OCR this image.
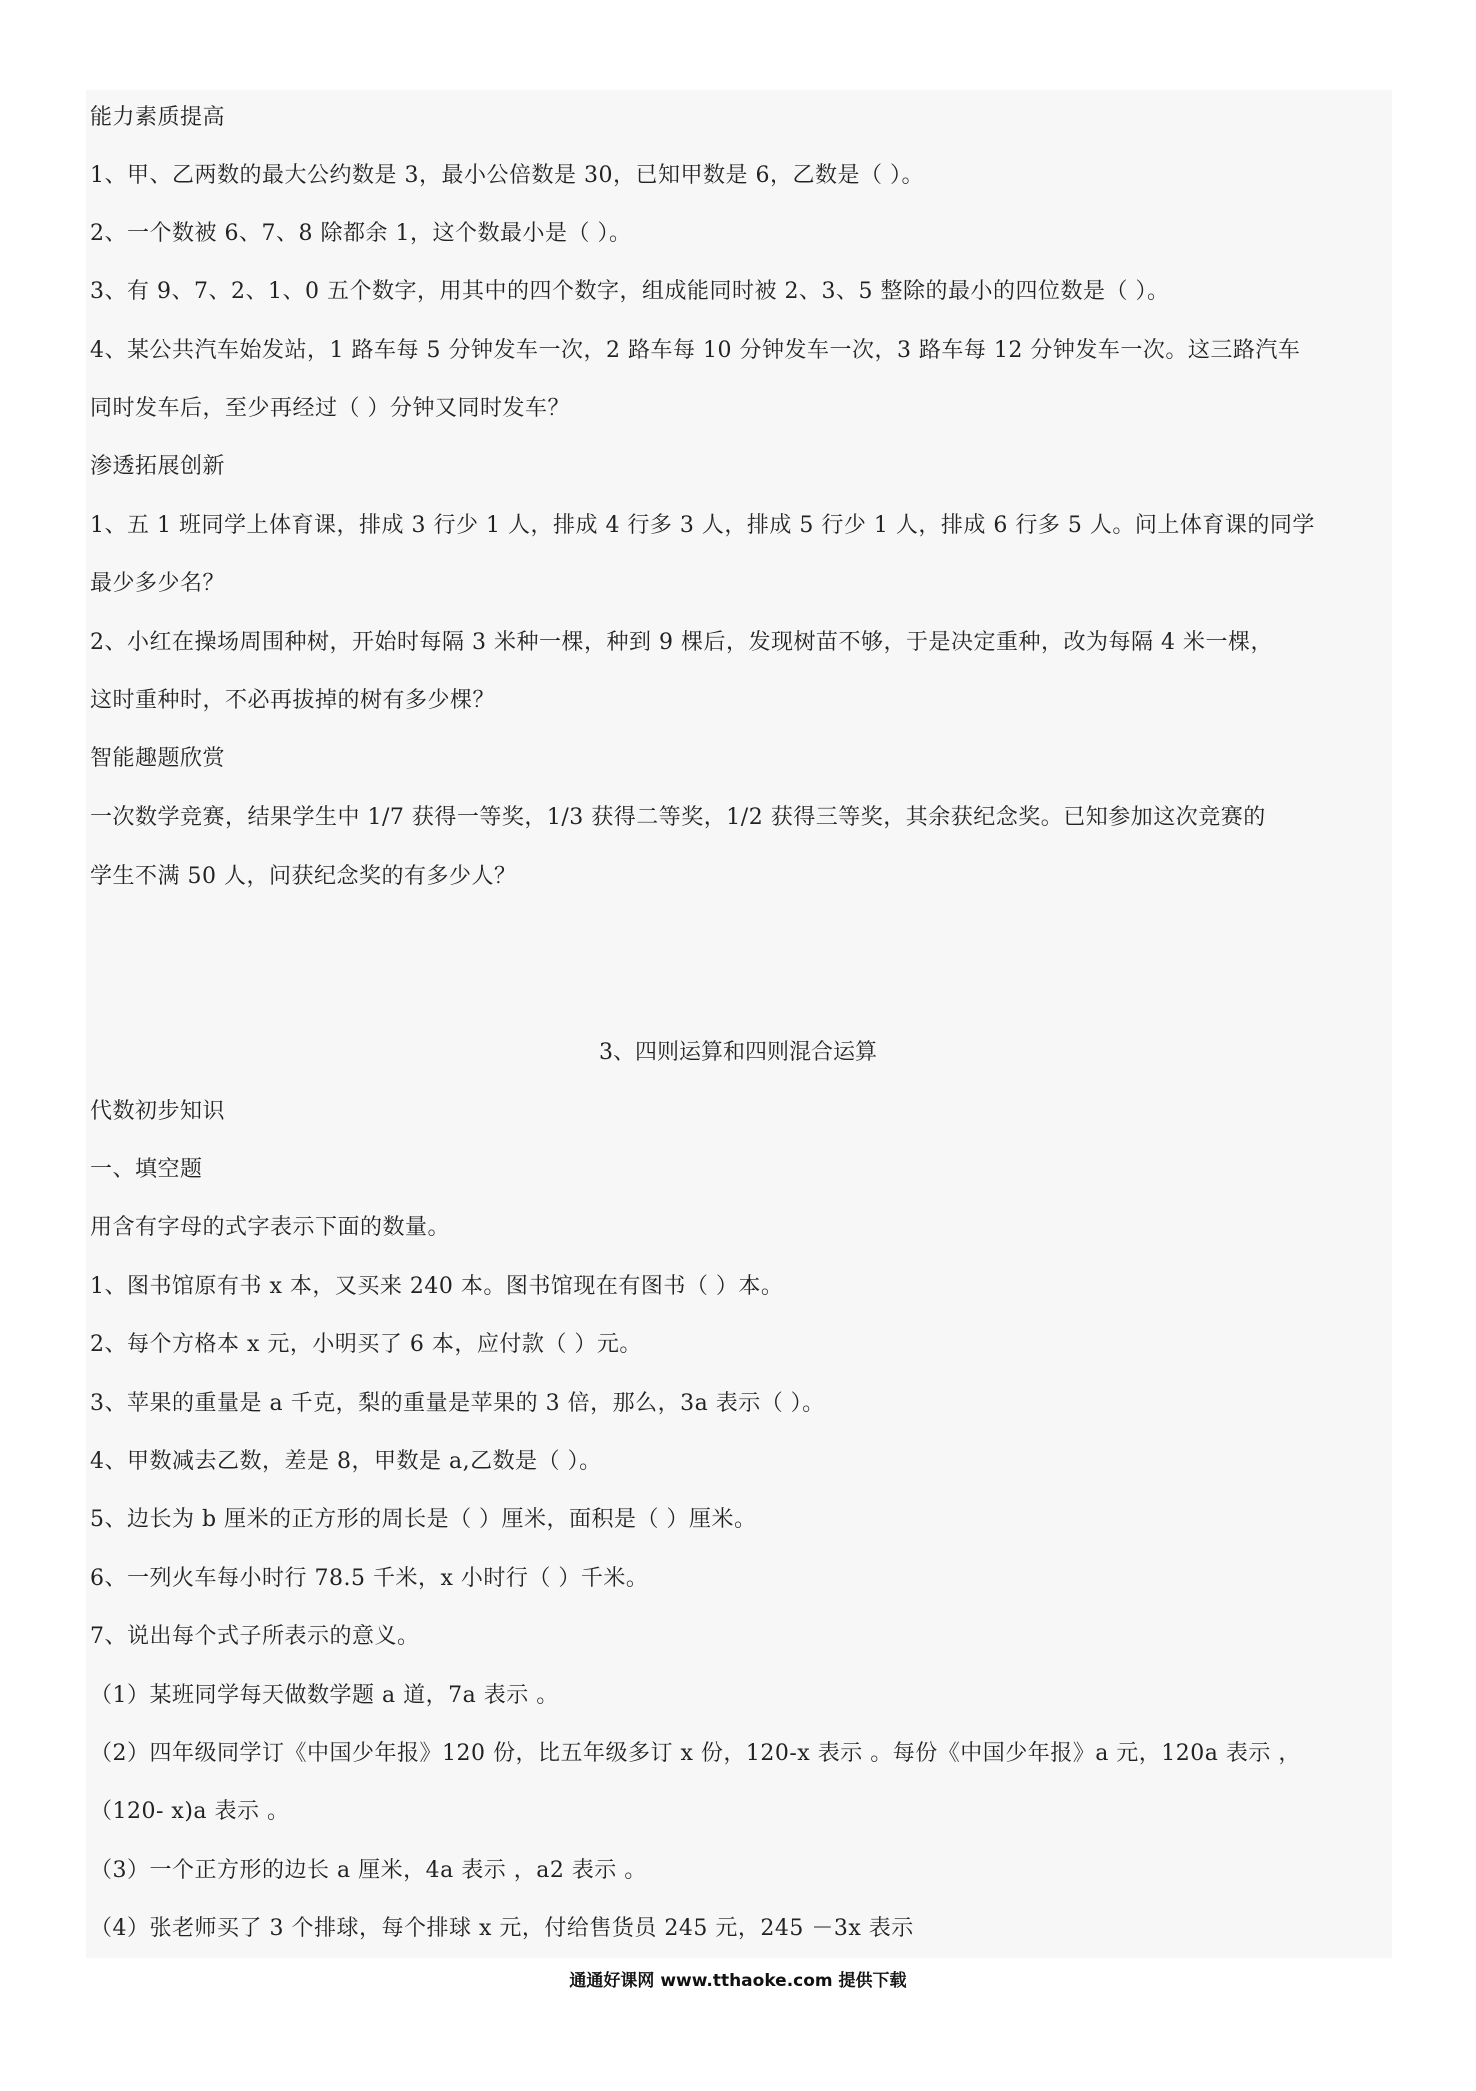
能力素质提高
1、甲、乙两数的最大公约数是 3，最小公倍数是 30，已知甲数是 6，乙数是（ ）。
2、一个数被 6、7、8 除都余 1，这个数最小是（ ）。
3、有 9、7、2、1、0 五个数字，用其中的四个数字，组成能同时被 2、3、5 整除的最小的四位数是（ ）。
4、某公共汽车始发站，1 路车每 5 分钟发车一次，2 路车每 10 分钟发车一次，3 路车每 12 分钟发车一次。这三路汽车
同时发车后，至少再经过（ ）分钟又同时发车？
渗透拓展创新
1、五 1 班同学上体育课，排成 3 行少 1 人，排成 4 行多 3 人，排成 5 行少 1 人，排成 6 行多 5 人。问上体育课的同学
最少多少名？
2、小红在操场周围种树，开始时每隔 3 米种一棵，种到 9 棵后，发现树苗不够，于是决定重种，改为每隔 4 米一棵，
这时重种时，不必再拔掉的树有多少棵？
智能趣题欣赏
一次数学竞赛，结果学生中 1/7 获得一等奖，1/3 获得二等奖，1/2 获得三等奖，其余获纪念奖。已知参加这次竞赛的
学生不满 50 人，问获纪念奖的有多少人？
3、四则运算和四则混合运算
代数初步知识
一、填空题
用含有字母的式字表示下面的数量。
1、图书馆原有书 x 本，又买来 240 本。图书馆现在有图书（ ）本。
2、每个方格本 x 元，小明买了 6 本，应付款（ ）元。
3、苹果的重量是 a 千克，梨的重量是苹果的 3 倍，那么，3a 表示（ ）。
4、甲数减去乙数，差是 8，甲数是 a,乙数是（ ）。
5、边长为 b 厘米的正方形的周长是（ ）厘米，面积是（ ）厘米。
6、一列火车每小时行 78.5 千米，x 小时行（ ）千米。
7、说出每个式子所表示的意义。
（1）某班同学每天做数学题 a 道，7a 表示 。
（2）四年级同学订《中国少年报》120 份，比五年级多订 x 份，120-x 表示 。每份《中国少年报》a 元，120a 表示 ，
（120- x)a 表示 。
（3）一个正方形的边长 a 厘米，4a 表示 ，a2 表示 。
（4）张老师买了 3 个排球，每个排球 x 元，付给售货员 245 元，245 －3x 表示
通通好课网 www.tthaoke.com 提供下载
